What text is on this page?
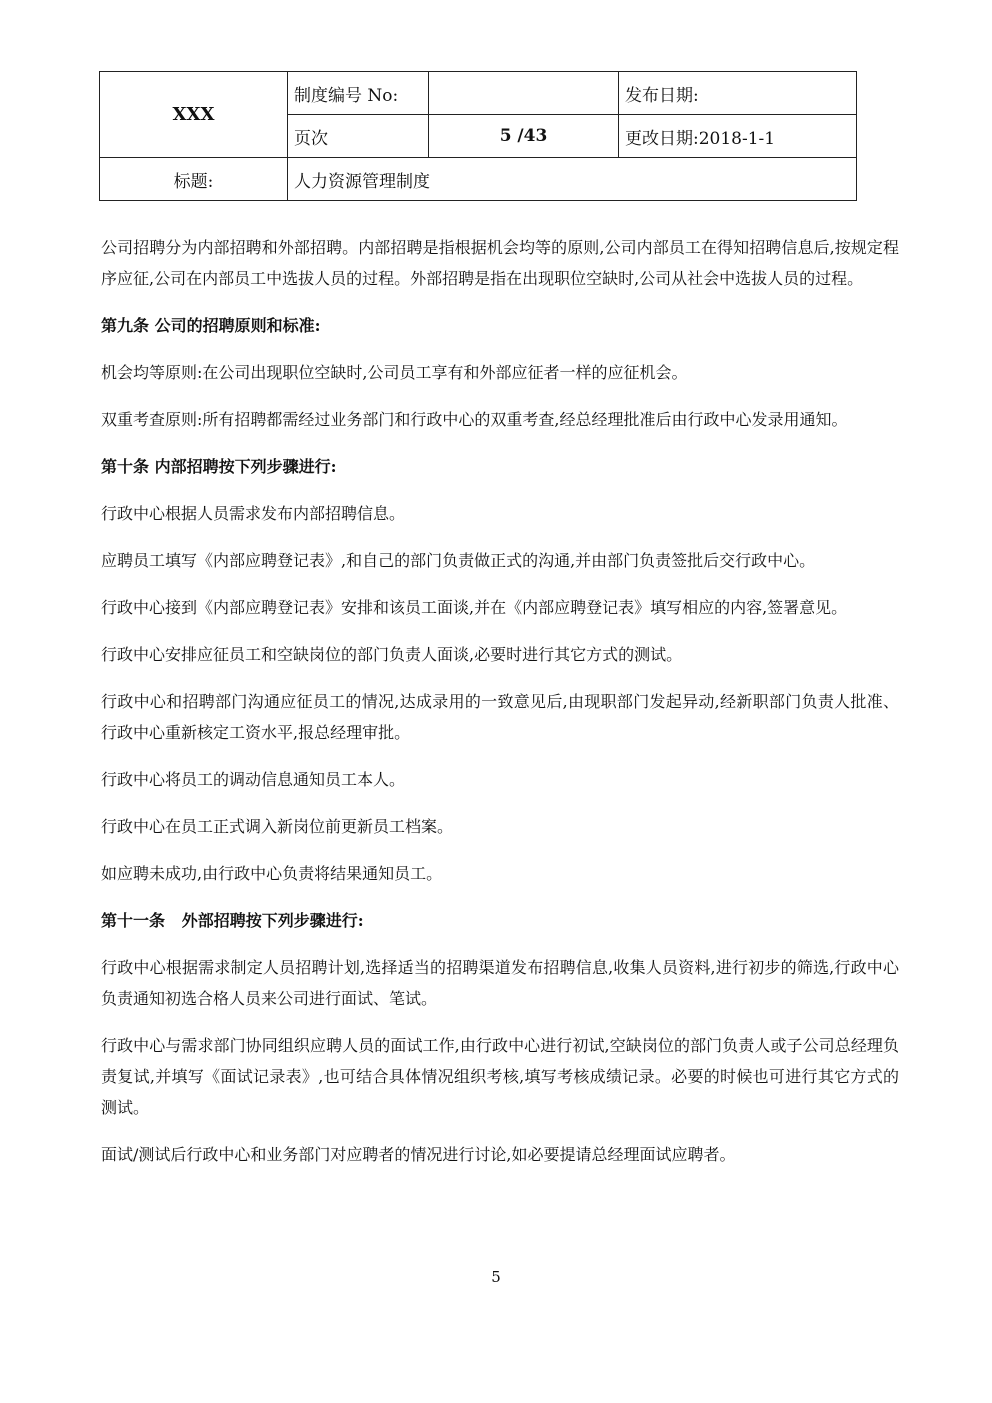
XXX	制度编号 No:		发布日期:
	页次	5 /43	更改日期:2018-1-1
标题:	人力资源管理制度		

公司招聘分为内部招聘和外部招聘。内部招聘是指根据机会均等的原则,公司内部员工在得知招聘信息后,按规定程序应征,公司在内部员工中选拔人员的过程。外部招聘是指在出现职位空缺时,公司从社会中选拔人员的过程。

第九条 公司的招聘原则和标准:

机会均等原则:在公司出现职位空缺时,公司员工享有和外部应征者一样的应征机会。

双重考查原则:所有招聘都需经过业务部门和行政中心的双重考查,经总经理批准后由行政中心发录用通知。

第十条 内部招聘按下列步骤进行:

行政中心根据人员需求发布内部招聘信息。

应聘员工填写《内部应聘登记表》,和自己的部门负责做正式的沟通,并由部门负责签批后交行政中心。

行政中心接到《内部应聘登记表》安排和该员工面谈,并在《内部应聘登记表》填写相应的内容,签署意见。

行政中心安排应征员工和空缺岗位的部门负责人面谈,必要时进行其它方式的测试。

行政中心和招聘部门沟通应征员工的情况,达成录用的一致意见后,由现职部门发起异动,经新职部门负责人批准、行政中心重新核定工资水平,报总经理审批。

行政中心将员工的调动信息通知员工本人。

行政中心在员工正式调入新岗位前更新员工档案。

如应聘未成功,由行政中心负责将结果通知员工。

第十一条   外部招聘按下列步骤进行:

行政中心根据需求制定人员招聘计划,选择适当的招聘渠道发布招聘信息,收集人员资料,进行初步的筛选,行政中心负责通知初选合格人员来公司进行面试、笔试。

行政中心与需求部门协同组织应聘人员的面试工作,由行政中心进行初试,空缺岗位的部门负责人或子公司总经理负责复试,并填写《面试记录表》,也可结合具体情况组织考核,填写考核成绩记录。必要的时候也可进行其它方式的测试。

面试/测试后行政中心和业务部门对应聘者的情况进行讨论,如必要提请总经理面试应聘者。

5
